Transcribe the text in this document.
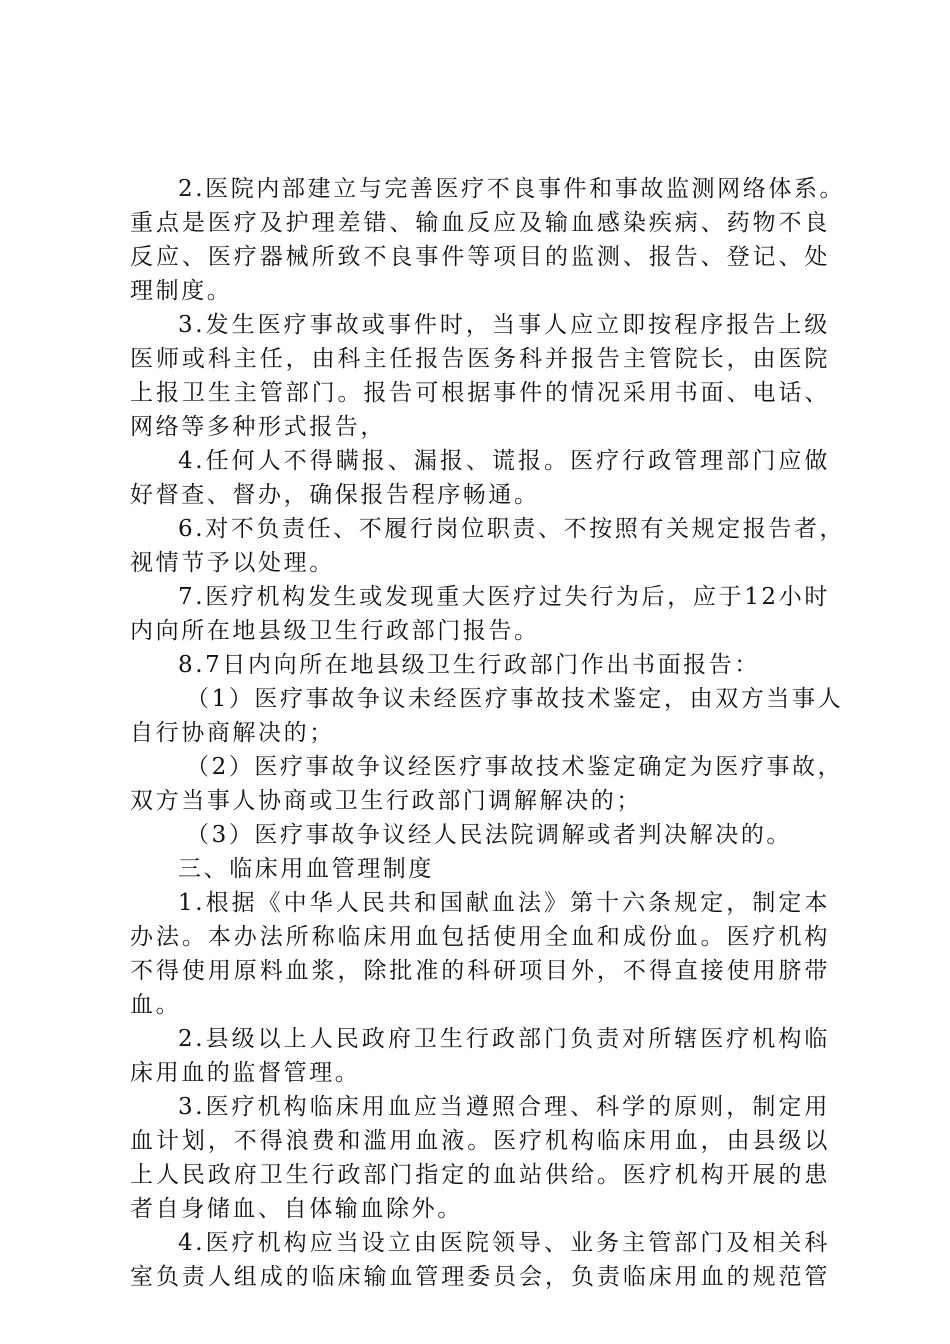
2.医院内部建立与完善医疗不良事件和事故监测网络体系。
重点是医疗及护理差错、输血反应及输血感染疾病、药物不良
反应、医疗器械所致不良事件等项目的监测、报告、登记、处
理制度。
3.发生医疗事故或事件时，当事人应立即按程序报告上级
医师或科主任，由科主任报告医务科并报告主管院长，由医院
上报卫生主管部门。报告可根据事件的情况采用书面、电话、
网络等多种形式报告，
4.任何人不得瞒报、漏报、谎报。医疗行政管理部门应做
好督查、督办，确保报告程序畅通。
6.对不负责任、不履行岗位职责、不按照有关规定报告者，
视情节予以处理。
7.医疗机构发生或发现重大医疗过失行为后，应于12小时
内向所在地县级卫生行政部门报告。
8.7日内向所在地县级卫生行政部门作出书面报告：
（1）医疗事故争议未经医疗事故技术鉴定，由双方当事人
自行协商解决的；
（2）医疗事故争议经医疗事故技术鉴定确定为医疗事故，
双方当事人协商或卫生行政部门调解解决的；
（3）医疗事故争议经人民法院调解或者判决解决的。
三、临床用血管理制度
1.根据《中华人民共和国献血法》第十六条规定，制定本
办法。本办法所称临床用血包括使用全血和成份血。医疗机构
不得使用原料血浆，除批准的科研项目外，不得直接使用脐带
血。
2.县级以上人民政府卫生行政部门负责对所辖医疗机构临
床用血的监督管理。
3.医疗机构临床用血应当遵照合理、科学的原则，制定用
血计划，不得浪费和滥用血液。医疗机构临床用血，由县级以
上人民政府卫生行政部门指定的血站供给。医疗机构开展的患
者自身储血、自体输血除外。
4.医疗机构应当设立由医院领导、业务主管部门及相关科
室负责人组成的临床输血管理委员会，负责临床用血的规范管
